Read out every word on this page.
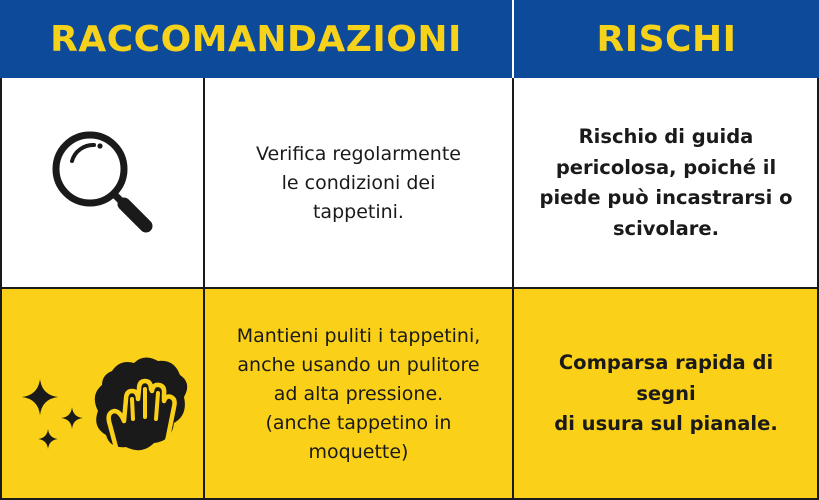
RACCOMANDAZIONI	RISCHI
Verifica regolarmente
le condizioni dei
tappetini.
Rischio di guida
pericolosa, poiché il
piede può incastrarsi o
scivolare.
Mantieni puliti i tappetini,
anche usando un pulitore
ad alta pressione.
(anche tappetino in
moquette)
Comparsa rapida di segni
di usura sul pianale.
